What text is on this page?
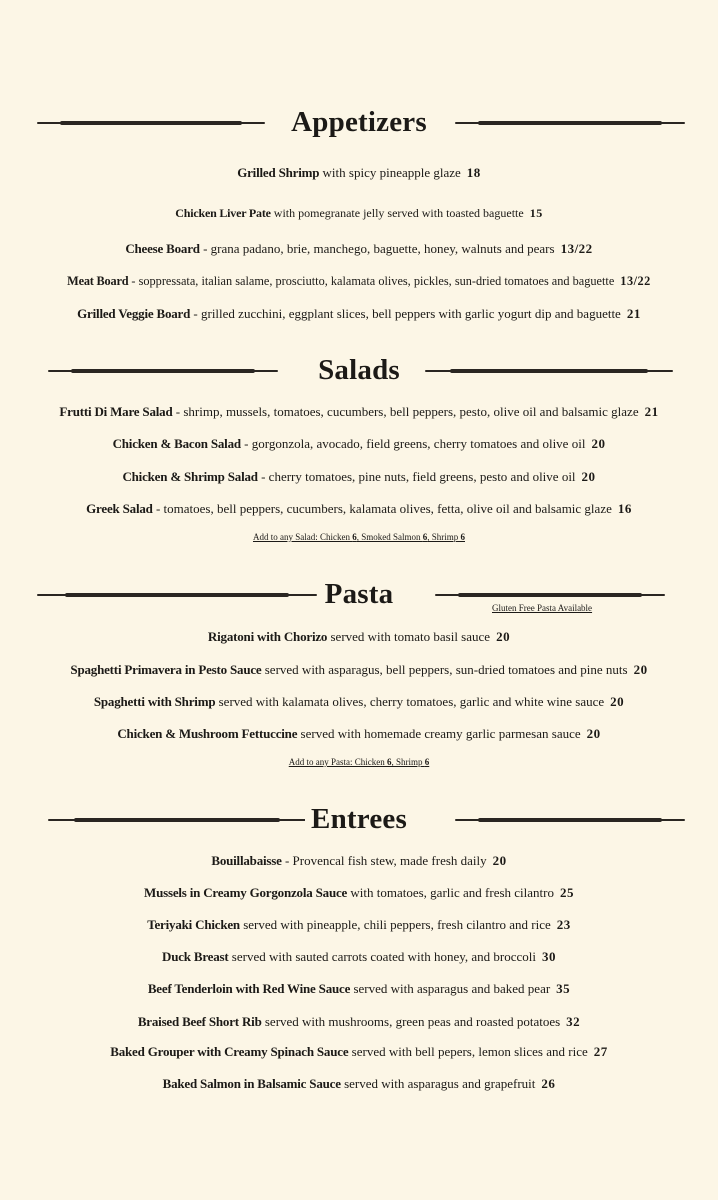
Appetizers
Grilled Shrimp with spicy pineapple glaze 18
Chicken Liver Pate with pomegranate jelly served with toasted baguette 15
Cheese Board - grana padano, brie, manchego, baguette, honey, walnuts and pears 13/22
Meat Board - soppressata, italian salame, prosciutto, kalamata olives, pickles, sun-dried tomatoes and baguette 13/22
Grilled Veggie Board - grilled zucchini, eggplant slices, bell peppers with garlic yogurt dip and baguette 21
Salads
Frutti Di Mare Salad - shrimp, mussels, tomatoes, cucumbers, bell peppers, pesto, olive oil and balsamic glaze 21
Chicken & Bacon Salad - gorgonzola, avocado, field greens, cherry tomatoes and olive oil 20
Chicken & Shrimp Salad - cherry tomatoes, pine nuts, field greens, pesto and olive oil 20
Greek Salad - tomatoes, bell peppers, cucumbers, kalamata olives, fetta, olive oil and balsamic glaze 16
Add to any Salad: Chicken 6, Smoked Salmon 6, Shrimp 6
Pasta	Gluten Free Pasta Available
Rigatoni with Chorizo served with tomato basil sauce 20
Spaghetti Primavera in Pesto Sauce served with asparagus, bell peppers, sun-dried tomatoes and pine nuts 20
Spaghetti with Shrimp served with kalamata olives, cherry tomatoes, garlic and white wine sauce 20
Chicken & Mushroom Fettuccine served with homemade creamy garlic parmesan sauce 20
Add to any Pasta: Chicken 6, Shrimp 6
Entrees
Bouillabaisse - Provencal fish stew, made fresh daily 20
Mussels in Creamy Gorgonzola Sauce with tomatoes, garlic and fresh cilantro 25
Teriyaki Chicken served with pineapple, chili peppers, fresh cilantro and rice 23
Duck Breast served with sauted carrots coated with honey, and broccoli 30
Beef Tenderloin with Red Wine Sauce served with asparagus and baked pear 35
Braised Beef Short Rib served with mushrooms, green peas and roasted potatoes 32
Baked Grouper with Creamy Spinach Sauce served with bell pepers, lemon slices and rice 27
Baked Salmon in Balsamic Sauce served with asparagus and grapefruit 26
